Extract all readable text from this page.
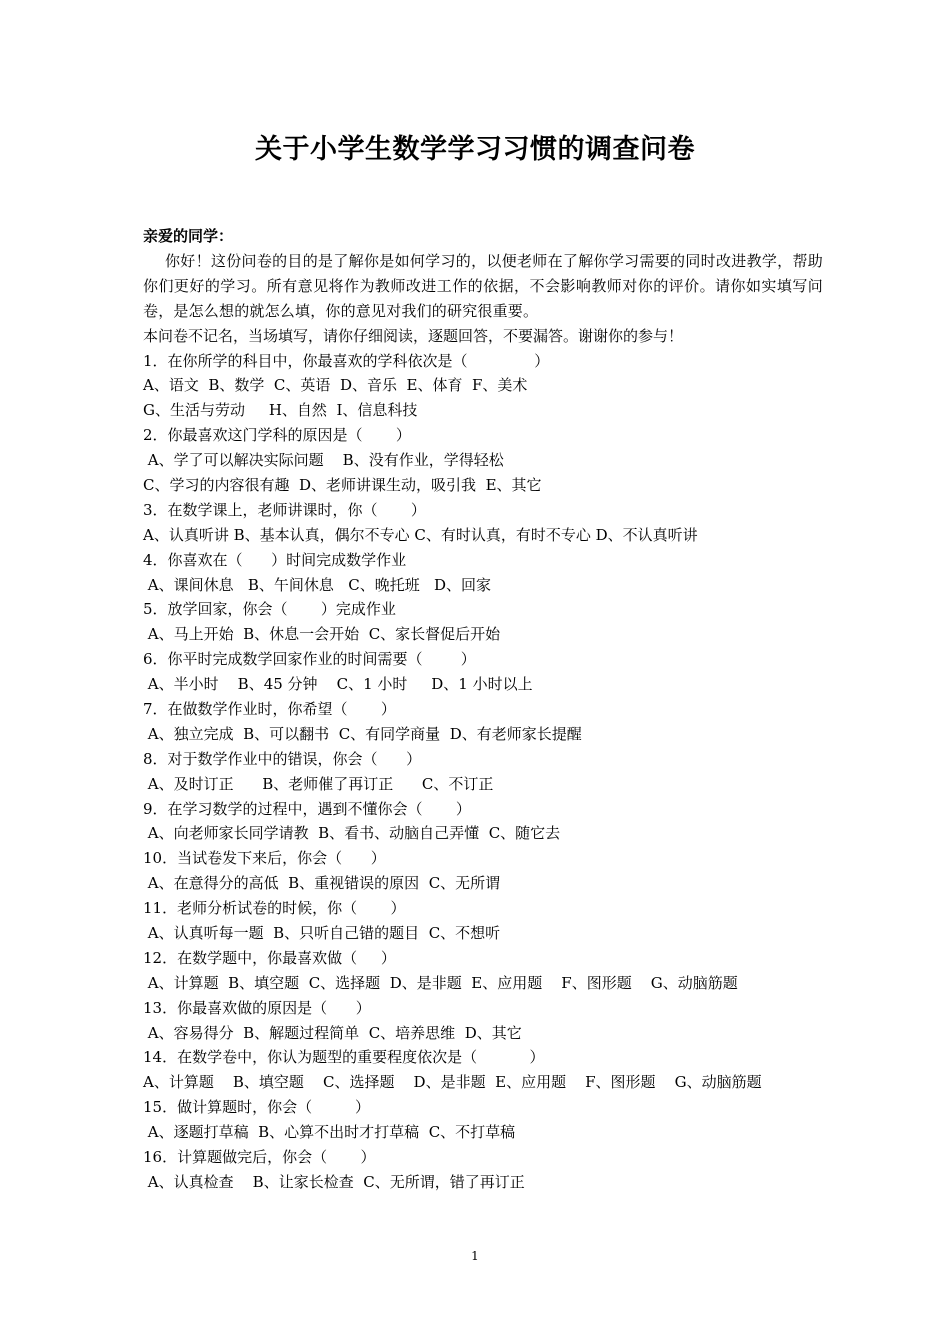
关于小学生数学学习习惯的调查问卷
亲爱的同学：
你好！这份问卷的目的是了解你是如何学习的，以便老师在了解你学习需要的同时改进教学，帮助你们更好的学习。所有意见将作为教师改进工作的依据，不会影响教师对你的评价。请你如实填写问卷，是怎么想的就怎么填，你的意见对我们的研究很重要。
本问卷不记名，当场填写，请你仔细阅读，逐题回答，不要漏答。谢谢你的参与！
1．在你所学的科目中，你最喜欢的学科依次是（              ）
A、语文  B、数学  C、英语  D、音乐  E、体育  F、美术
G、生活与劳动     H、自然  I、信息科技
2．你最喜欢这门学科的原因是（       ）
A、学了可以解决实际问题    B、没有作业，学得轻松
C、学习的内容很有趣  D、老师讲课生动，吸引我  E、其它
3．在数学课上，老师讲课时，你（       ）
A、认真听讲 B、基本认真，偶尔不专心 C、有时认真，有时不专心 D、不认真听讲
4．你喜欢在（      ）时间完成数学作业
A、课间休息   B、午间休息   C、晚托班   D、回家
5．放学回家，你会（       ）完成作业
A、马上开始  B、休息一会开始  C、家长督促后开始
6．你平时完成数学回家作业的时间需要（        ）
A、半小时    B、45 分钟    C、1 小时     D、1 小时以上
7．在做数学作业时，你希望（       ）
A、独立完成  B、可以翻书  C、有同学商量  D、有老师家长提醒
8．对于数学作业中的错误，你会（      ）
A、及时订正      B、老师催了再订正      C、不订正
9．在学习数学的过程中，遇到不懂你会（       ）
A、向老师家长同学请教  B、看书、动脑自己弄懂  C、随它去
10．当试卷发下来后，你会（      ）
A、在意得分的高低  B、重视错误的原因  C、无所谓
11．老师分析试卷的时候，你（       ）
A、认真听每一题  B、只听自己错的题目  C、不想听
12．在数学题中，你最喜欢做（     ）
A、计算题  B、填空题  C、选择题  D、是非题  E、应用题    F、图形题    G、动脑筋题
13．你最喜欢做的原因是（      ）
A、容易得分  B、解题过程简单  C、培养思维  D、其它
14．在数学卷中，你认为题型的重要程度依次是（           ）
A、计算题    B、填空题    C、选择题    D、是非题  E、应用题    F、图形题    G、动脑筋题
15．做计算题时，你会（         ）
A、逐题打草稿  B、心算不出时才打草稿  C、不打草稿
16．计算题做完后，你会（       ）
A、认真检查    B、让家长检查  C、无所谓，错了再订正
1
